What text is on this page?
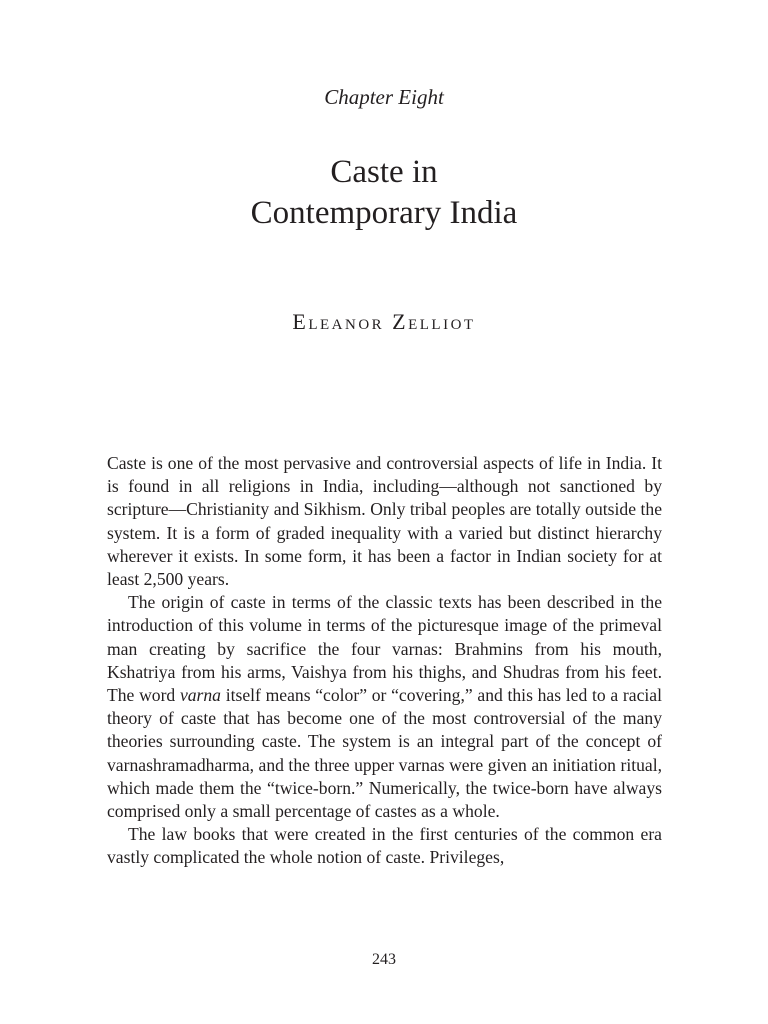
Chapter Eight
Caste in
Contemporary India
Eleanor Zelliot

Caste is one of the most pervasive and controversial aspects of life in India. It is found in all religions in India, including—although not sanctioned by scripture—Christianity and Sikhism. Only tribal peoples are totally outside the system. It is a form of graded inequality with a varied but distinct hierarchy wherever it exists. In some form, it has been a factor in Indian society for at least 2,500 years.

The origin of caste in terms of the classic texts has been described in the introduction of this volume in terms of the picturesque image of the primeval man creating by sacrifice the four varnas: Brahmins from his mouth, Kshatriya from his arms, Vaishya from his thighs, and Shudras from his feet. The word varna itself means “color” or “covering,” and this has led to a racial theory of caste that has become one of the most controversial of the many theories surrounding caste. The system is an integral part of the concept of varnashramadharma, and the three upper varnas were given an initiation ritual, which made them the “twice-born.” Numerically, the twice-born have always comprised only a small percentage of castes as a whole.

The law books that were created in the first centuries of the common era vastly complicated the whole notion of caste. Privileges,

243
